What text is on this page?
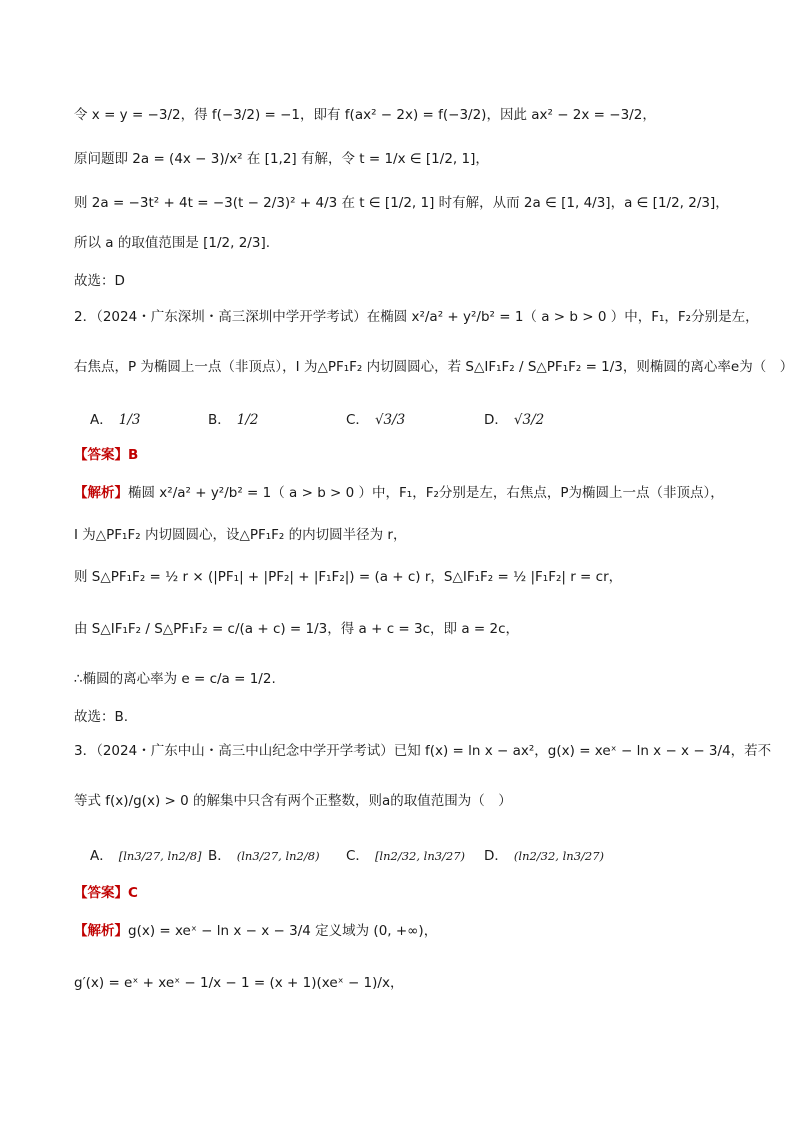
令 x = y = −3/2，得 f(−3/2) = −1，即有 f(ax² − 2x) = f(−3/2)，因此 ax² − 2x = −3/2，
原问题即 2a = (4x − 3)/x² 在 [1,2] 有解，令 t = 1/x ∈ [1/2, 1]，
则 2a = −3t² + 4t = −3(t − 2/3)² + 4/3 在 t ∈ [1/2, 1] 时有解，从而 2a ∈ [1, 4/3]，a ∈ [1/2, 2/3]，
所以 a 的取值范围是 [1/2, 2/3].
故选：D
2．（2024・广东深圳・高三深圳中学开学考试）在椭圆 x²/a² + y²/b² = 1（ a > b > 0 ）中，F₁，F₂分别是左，
右焦点，P 为椭圆上一点（非顶点），I 为△PF₁F₂ 内切圆圆心，若 S△IF₁F₂ / S△PF₁F₂ = 1/3，则椭圆的离心率e为（　）
A． 1/3	B． 1/2	C． √3/3	D． √3/2
【答案】B
【解析】椭圆 x²/a² + y²/b² = 1（ a > b > 0 ）中，F₁，F₂分别是左，右焦点，P为椭圆上一点（非顶点），
I 为△PF₁F₂ 内切圆圆心，设△PF₁F₂ 的内切圆半径为 r，
则 S△PF₁F₂ = ½ r × (|PF₁| + |PF₂| + |F₁F₂|) = (a + c) r，S△IF₁F₂ = ½ |F₁F₂| r = cr，
由 S△IF₁F₂ / S△PF₁F₂ = c/(a + c) = 1/3，得 a + c = 3c，即 a = 2c，
∴椭圆的离心率为 e = c/a = 1/2.
故选：B.
3．（2024・广东中山・高三中山纪念中学开学考试）已知 f(x) = ln x − ax²，g(x) = xeˣ − ln x − x − 3/4，若不
等式 f(x)/g(x) > 0 的解集中只含有两个正整数，则a的取值范围为（　）
A． [ln3/27, ln2/8] B． (ln3/27, ln2/8) C． [ln2/32, ln3/27) D． (ln2/32, ln3/27)
【答案】C
【解析】g(x) = xeˣ − ln x − x − 3/4 定义域为 (0, +∞)，
g′(x) = eˣ + xeˣ − 1/x − 1 = (x + 1)(xeˣ − 1)/x，
